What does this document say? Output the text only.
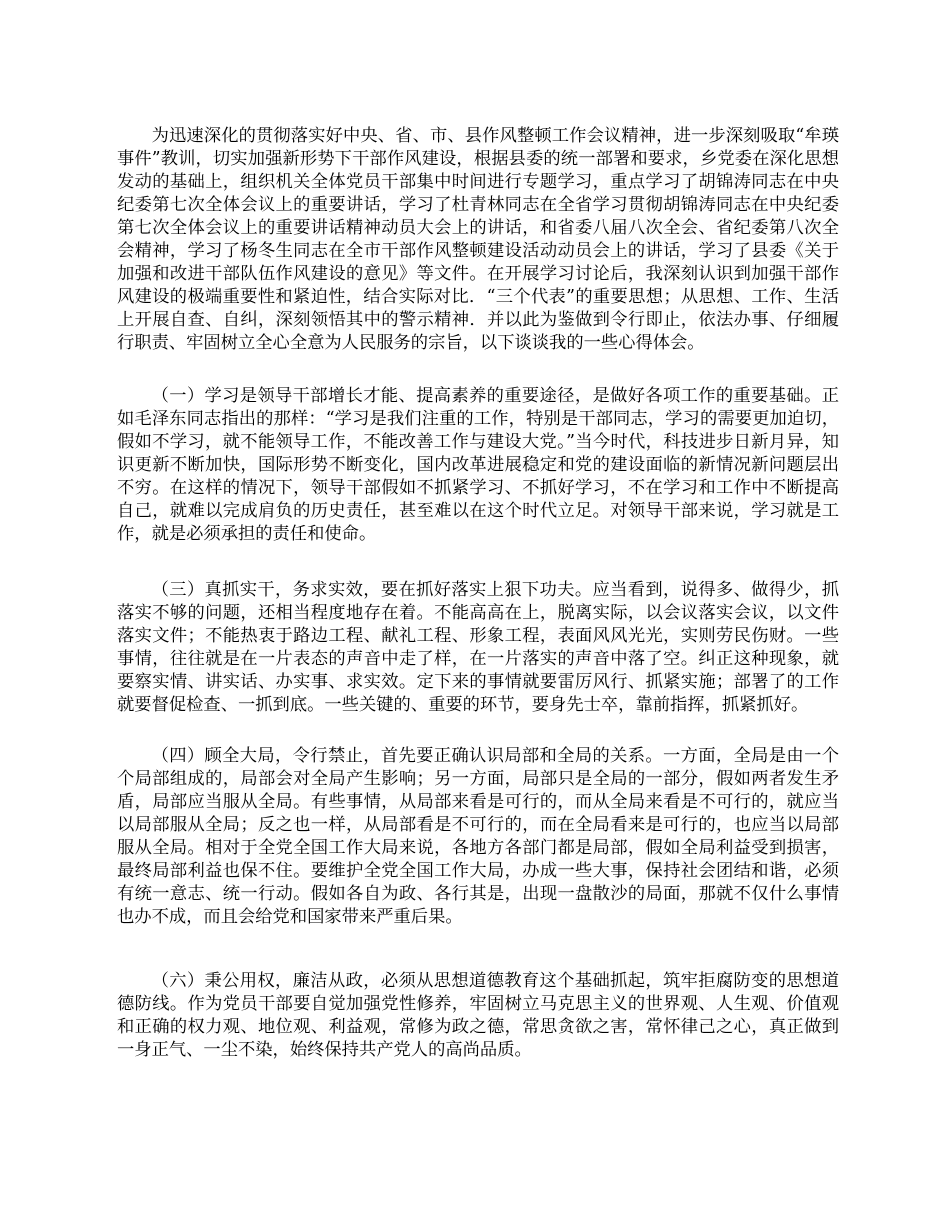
为迅速深化的贯彻落实好中央、省、市、县作风整顿工作会议精神，进一步深刻吸取“牟瑛事件”教训，切实加强新形势下干部作风建设，根据县委的统一部署和要求，乡党委在深化思想发动的基础上，组织机关全体党员干部集中时间进行专题学习，重点学习了胡锦涛同志在中央纪委第七次全体会议上的重要讲话，学习了杜青林同志在全省学习贯彻胡锦涛同志在中央纪委第七次全体会议上的重要讲话精神动员大会上的讲话，和省委八届八次全会、省纪委第八次全会精神，学习了杨冬生同志在全市干部作风整顿建设活动动员会上的讲话，学习了县委《关于加强和改进干部队伍作风建设的意见》等文件。在开展学习讨论后，我深刻认识到加强干部作风建设的极端重要性和紧迫性，结合实际对比．“三个代表”的重要思想；从思想、工作、生活上开展自查、自纠，深刻领悟其中的警示精神．并以此为鉴做到令行即止，依法办事、仔细履行职责、牢固树立全心全意为人民服务的宗旨，以下谈谈我的一些心得体会。

（一）学习是领导干部增长才能、提高素养的重要途径，是做好各项工作的重要基础。正如毛泽东同志指出的那样：“学习是我们注重的工作，特别是干部同志，学习的需要更加迫切，假如不学习，就不能领导工作，不能改善工作与建设大党。”当今时代，科技进步日新月异，知识更新不断加快，国际形势不断变化，国内改革进展稳定和党的建设面临的新情况新问题层出不穷。在这样的情况下，领导干部假如不抓紧学习、不抓好学习，不在学习和工作中不断提高自己，就难以完成肩负的历史责任，甚至难以在这个时代立足。对领导干部来说，学习就是工作，就是必须承担的责任和使命。

（三）真抓实干，务求实效，要在抓好落实上狠下功夫。应当看到，说得多、做得少，抓落实不够的问题，还相当程度地存在着。不能高高在上，脱离实际，以会议落实会议，以文件落实文件；不能热衷于路边工程、献礼工程、形象工程，表面风风光光，实则劳民伤财。一些事情，往往就是在一片表态的声音中走了样，在一片落实的声音中落了空。纠正这种现象，就要察实情、讲实话、办实事、求实效。定下来的事情就要雷厉风行、抓紧实施；部署了的工作就要督促检查、一抓到底。一些关键的、重要的环节，要身先士卒，靠前指挥，抓紧抓好。

（四）顾全大局，令行禁止，首先要正确认识局部和全局的关系。一方面，全局是由一个个局部组成的，局部会对全局产生影响；另一方面，局部只是全局的一部分，假如两者发生矛盾，局部应当服从全局。有些事情，从局部来看是可行的，而从全局来看是不可行的，就应当以局部服从全局；反之也一样，从局部看是不可行的，而在全局看来是可行的，也应当以局部服从全局。相对于全党全国工作大局来说，各地方各部门都是局部，假如全局利益受到损害，最终局部利益也保不住。要维护全党全国工作大局，办成一些大事，保持社会团结和谐，必须有统一意志、统一行动。假如各自为政、各行其是，出现一盘散沙的局面，那就不仅什么事情也办不成，而且会给党和国家带来严重后果。

（六）秉公用权，廉洁从政，必须从思想道德教育这个基础抓起，筑牢拒腐防变的思想道德防线。作为党员干部要自觉加强党性修养，牢固树立马克思主义的世界观、人生观、价值观和正确的权力观、地位观、利益观，常修为政之德，常思贪欲之害，常怀律己之心，真正做到一身正气、一尘不染，始终保持共产党人的高尚品质。
